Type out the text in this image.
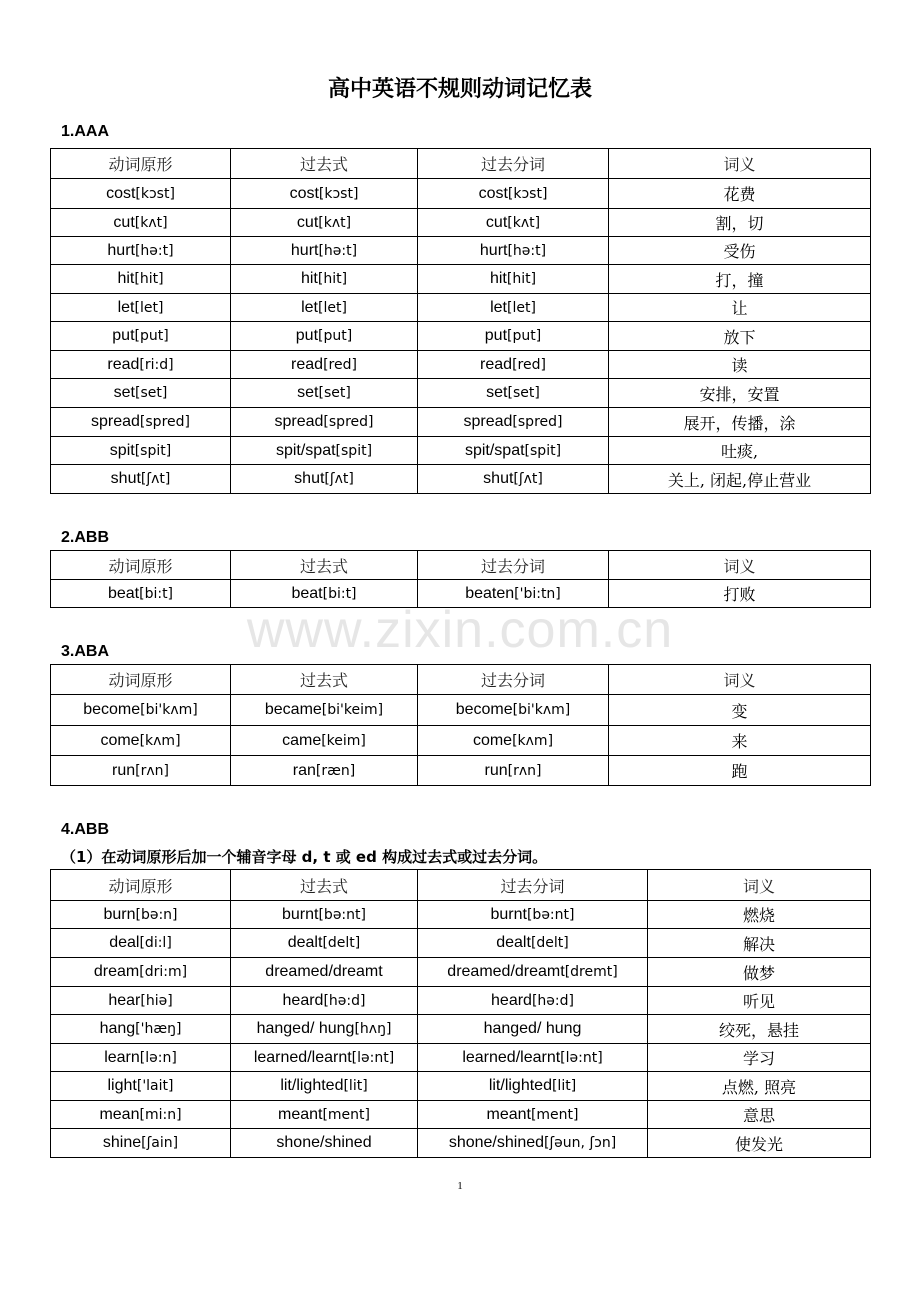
高中英语不规则动词记忆表
www.zixin.com.cn
1.AAA
动词原形	过去式	过去分词	词义
cost[kɔst]	cost[kɔst]	cost[kɔst]	花费
cut[kʌt]	cut[kʌt]	cut[kʌt]	割，切
hurt[hə:t]	hurt[hə:t]	hurt[hə:t]	受伤
hit[hit]	hit[hit]	hit[hit]	打，撞
let[let]	let[let]	let[let]	让
put[put]	put[put]	put[put]	放下
read[ri:d]	read[red]	read[red]	读
set[set]	set[set]	set[set]	安排，安置
spread[spred]	spread[spred]	spread[spred]	展开，传播，涂
spit[spit]	spit/spat[spit]	spit/spat[spit]	吐痰,
shut[ʃʌt]	shut[ʃʌt]	shut[ʃʌt]	关上, 闭起,停止营业
2.ABB
动词原形	过去式	过去分词	词义
beat[bi:t]	beat[bi:t]	beaten['bi:tn]	打败
3.ABA
动词原形	过去式	过去分词	词义
become[bi'kʌm]	became[bi'keim]	become[bi'kʌm]	变
come[kʌm]	came[keim]	come[kʌm]	来
run[rʌn]	ran[ræn]	run[rʌn]	跑
4.ABB
（1）在动词原形后加一个辅音字母 d, t 或 ed 构成过去式或过去分词。
动词原形	过去式	过去分词	词义
burn[bə:n]	burnt[bə:nt]	burnt[bə:nt]	燃烧
deal[di:l]	dealt[delt]	dealt[delt]	解决
dream[dri:m]	dreamed/dreamt	dreamed/dreamt[dremt]	做梦
hear[hiə]	heard[hə:d]	heard[hə:d]	听见
hang['hæŋ]	hanged/ hung[hʌŋ]	hanged/ hung	绞死，悬挂
learn[lə:n]	learned/learnt[lə:nt]	learned/learnt[lə:nt]	学习
light['lait]	lit/lighted[lit]	lit/lighted[lit]	点燃, 照亮
mean[mi:n]	meant[ment]	meant[ment]	意思
shine[ʃain]	shone/shined	shone/shined[ʃəun, ʃɔn]	使发光
1
